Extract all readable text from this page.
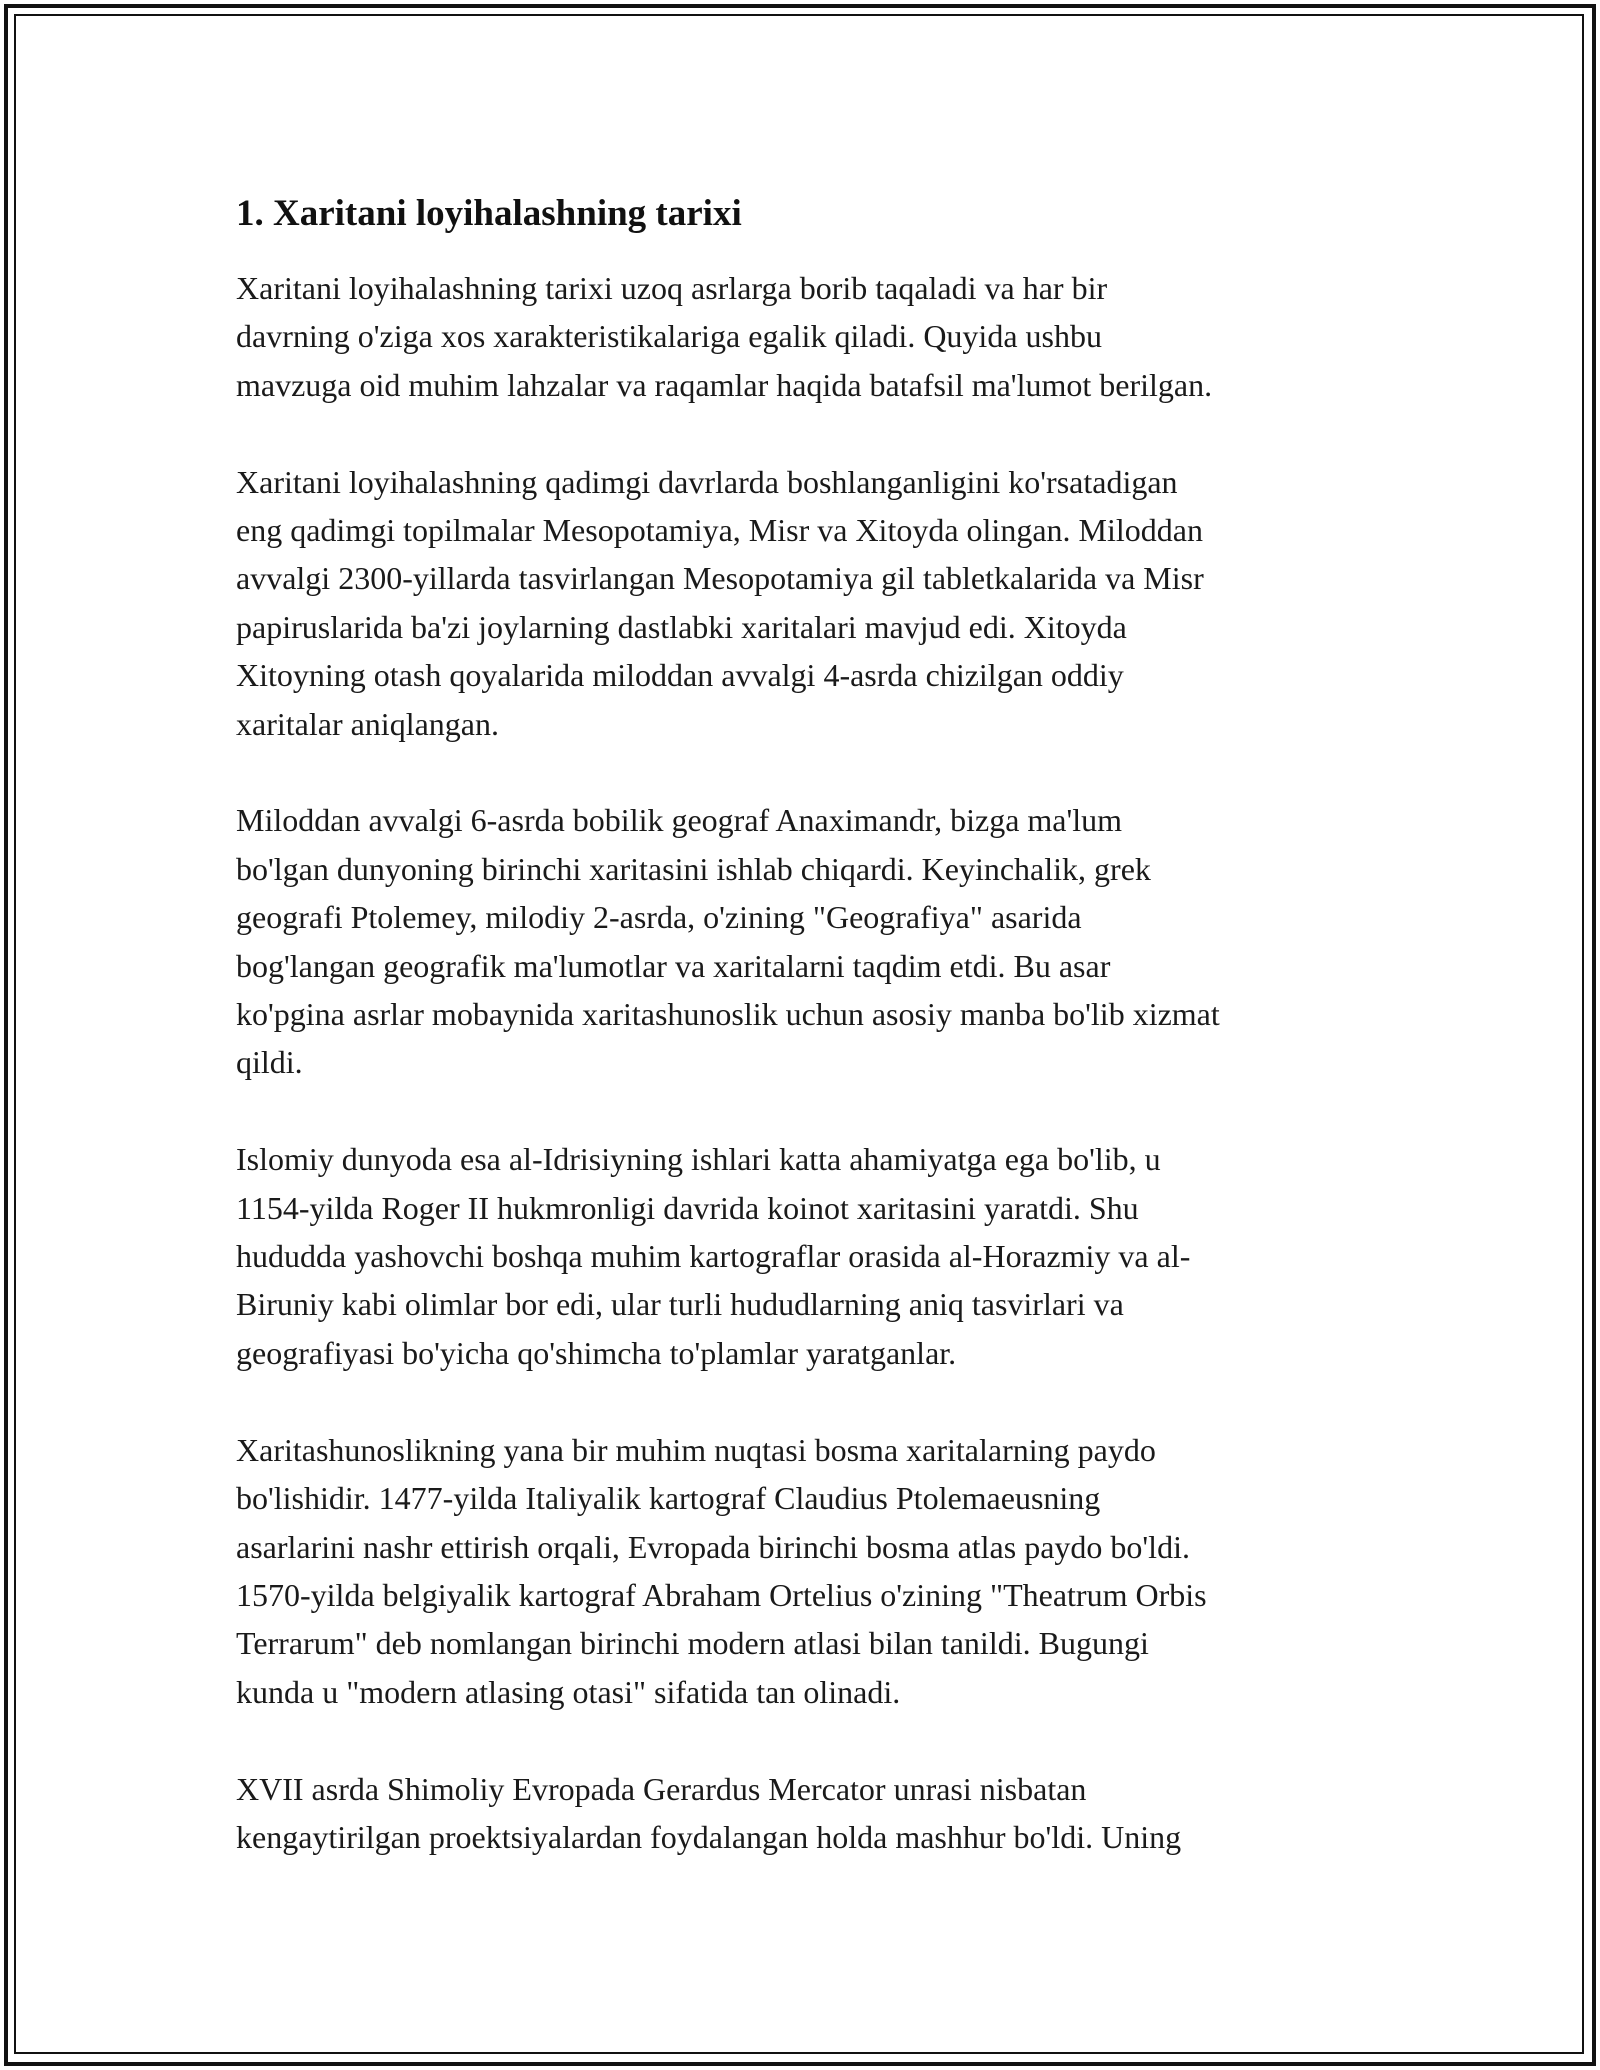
1. Xaritani loyihalashning tarixi

Xaritani loyihalashning tarixi uzoq asrlarga borib taqaladi va har bir
davrning o'ziga xos xarakteristikalariga egalik qiladi. Quyida ushbu
mavzuga oid muhim lahzalar va raqamlar haqida batafsil ma'lumot berilgan.

Xaritani loyihalashning qadimgi davrlarda boshlanganligini ko'rsatadigan
eng qadimgi topilmalar Mesopotamiya, Misr va Xitoyda olingan. Miloddan
avvalgi 2300-yillarda tasvirlangan Mesopotamiya gil tabletkalarida va Misr
papiruslarida ba'zi joylarning dastlabki xaritalari mavjud edi. Xitoyda
Xitoyning otash qoyalarida miloddan avvalgi 4-asrda chizilgan oddiy
xaritalar aniqlangan.

Miloddan avvalgi 6-asrda bobilik geograf Anaximandr, bizga ma'lum
bo'lgan dunyoning birinchi xaritasini ishlab chiqardi. Keyinchalik, grek
geografi Ptolemey, milodiy 2-asrda, o'zining "Geografiya" asarida
bog'langan geografik ma'lumotlar va xaritalarni taqdim etdi. Bu asar
ko'pgina asrlar mobaynida xaritashunoslik uchun asosiy manba bo'lib xizmat
qildi.

Islomiy dunyoda esa al-Idrisiyning ishlari katta ahamiyatga ega bo'lib, u
1154-yilda Roger II hukmronligi davrida koinot xaritasini yaratdi. Shu
hududda yashovchi boshqa muhim kartograflar orasida al-Horazmiy va al-
Biruniy kabi olimlar bor edi, ular turli hududlarning aniq tasvirlari va
geografiyasi bo'yicha qo'shimcha to'plamlar yaratganlar.

Xaritashunoslikning yana bir muhim nuqtasi bosma xaritalarning paydo
bo'lishidir. 1477-yilda Italiyalik kartograf Claudius Ptolemaeusning
asarlarini nashr ettirish orqali, Evropada birinchi bosma atlas paydo bo'ldi.
1570-yilda belgiyalik kartograf Abraham Ortelius o'zining "Theatrum Orbis
Terrarum" deb nomlangan birinchi modern atlasi bilan tanildi. Bugungi
kunda u "modern atlasing otasi" sifatida tan olinadi.

XVII asrda Shimoliy Evropada Gerardus Mercator unrasi nisbatan
kengaytirilgan proektsiyalardan foydalangan holda mashhur bo'ldi. Uning
